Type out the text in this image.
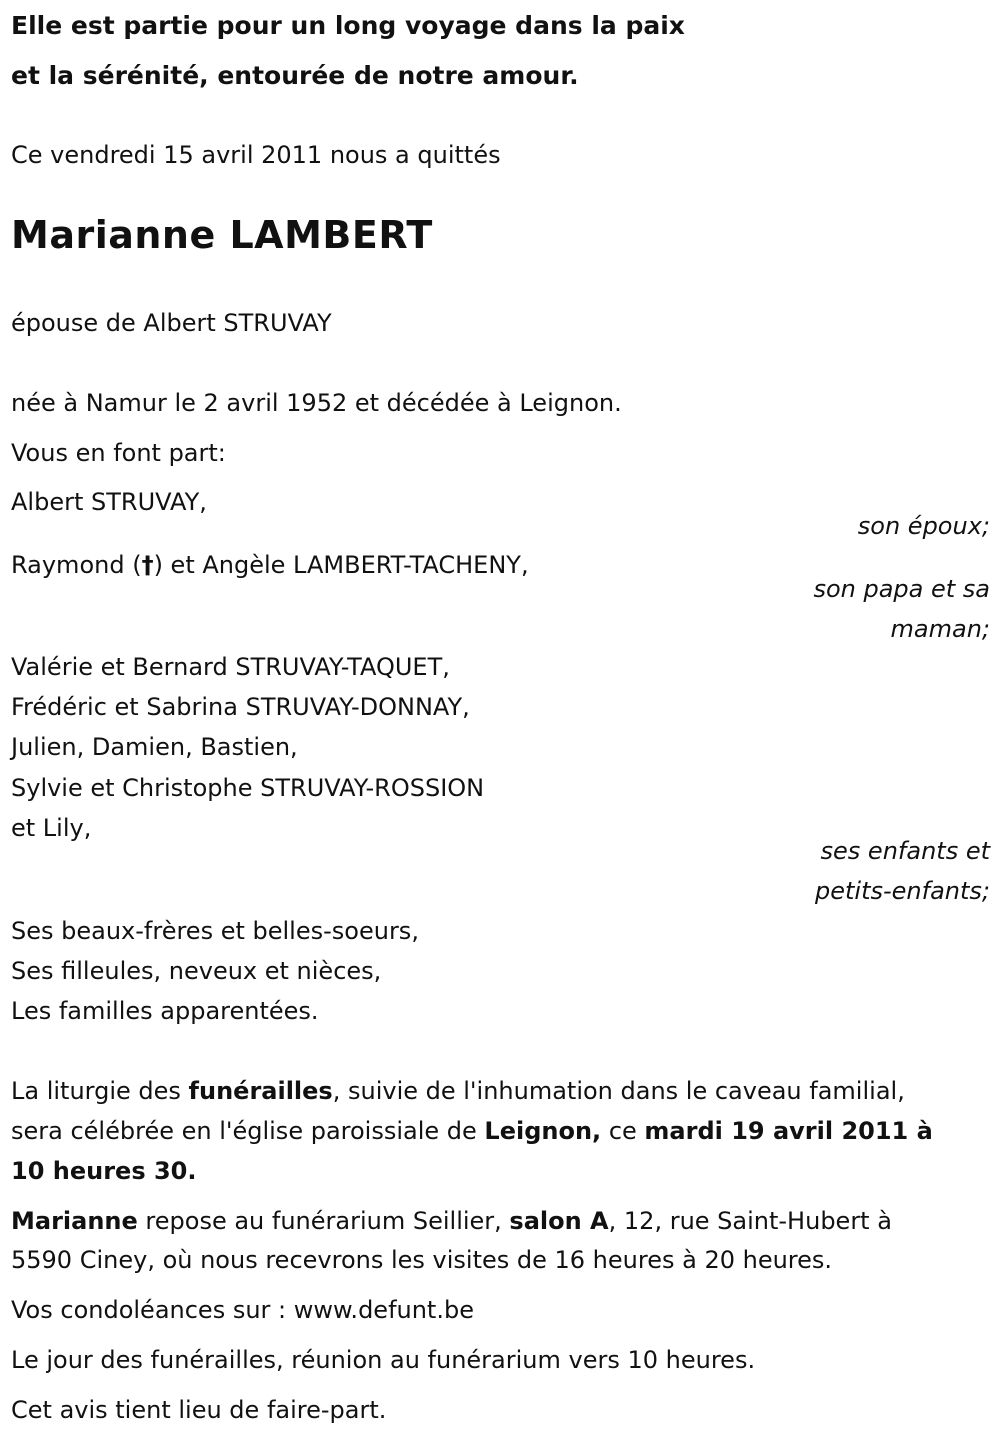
Elle est partie pour un long voyage dans la paix
et la sérénité, entourée de notre amour.
Ce vendredi 15 avril 2011 nous a quittés
Marianne LAMBERT
épouse de Albert STRUVAY
née à Namur le 2 avril 1952 et décédée à Leignon.
Vous en font part:
Albert STRUVAY,
son époux;
Raymond (†) et Angèle LAMBERT-TACHENY,
son papa et sa
maman;
Valérie et Bernard STRUVAY-TAQUET,
Frédéric et Sabrina STRUVAY-DONNAY,
Julien, Damien, Bastien,
Sylvie et Christophe STRUVAY-ROSSION
et Lily,
ses enfants et
petits-enfants;
Ses beaux-frères et belles-soeurs,
Ses filleules, neveux et nièces,
Les familles apparentées.
La liturgie des funérailles, suivie de l'inhumation dans le caveau familial,
sera célébrée en l'église paroissiale de Leignon, ce mardi 19 avril 2011 à
10 heures 30.
Marianne repose au funérarium Seillier, salon A, 12, rue Saint-Hubert à
5590 Ciney, où nous recevrons les visites de 16 heures à 20 heures.
Vos condoléances sur : www.defunt.be
Le jour des funérailles, réunion au funérarium vers 10 heures.
Cet avis tient lieu de faire-part.
